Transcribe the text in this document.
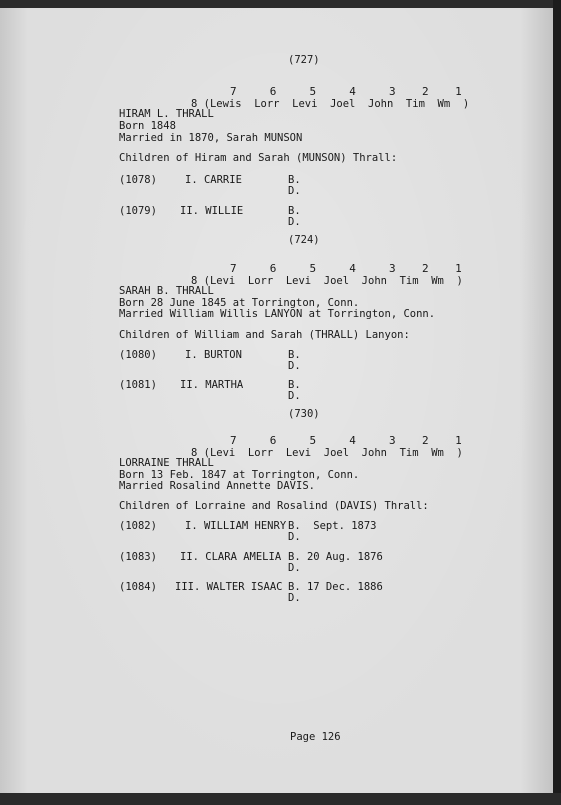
(727)
7     6     5     4     3    2    1
8 (Lewis  Lorr  Levi  Joel  John  Tim  Wm  )
HIRAM L. THRALL
Born 1848
Married in 1870, Sarah MUNSON
Children of Hiram and Sarah (MUNSON) Thrall:
(1078)	I. CARRIE	B.
D.
(1079) II. WILLIE	B.
D.
(724)
7     6     5     4     3    2    1
8 (Levi  Lorr  Levi  Joel  John  Tim  Wm  )
SARAH B. THRALL
Born 28 June 1845 at Torrington, Conn.
Married William Willis LANYON at Torrington, Conn.
Children of William and Sarah (THRALL) Lanyon:
(1080)	I. BURTON	B.
D.
(1081) II. MARTHA	B.
D.
(730)
7     6     5     4     3    2    1
8 (Levi  Lorr  Levi  Joel  John  Tim  Wm  )
LORRAINE THRALL
Born 13 Feb. 1847 at Torrington, Conn.
Married Rosalind Annette DAVIS.
Children of Lorraine and Rosalind (DAVIS) Thrall:
(1082)	I. WILLIAM HENRY B.  Sept. 1873
D.
(1083) II. CLARA AMELIA B. 20 Aug. 1876
D.
(1084) III. WALTER ISAAC B. 17 Dec. 1886
D.
Page 126
